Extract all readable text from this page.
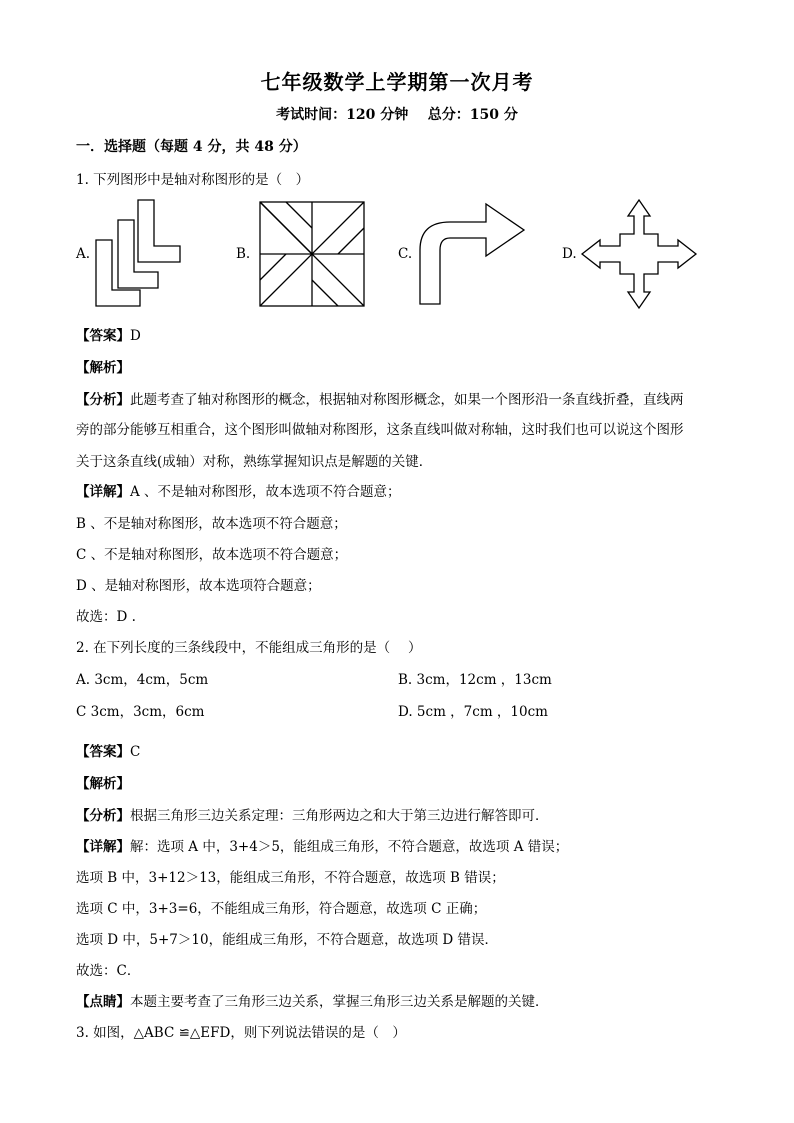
七年级数学上学期第一次月考
考试时间：120 分钟 总分：150 分
一．选择题（每题 4 分，共 48 分）
1. 下列图形中是轴对称图形的是（　）
A.	B.	C.	D.
【答案】D
【解析】
【分析】此题考查了轴对称图形的概念，根据轴对称图形概念，如果一个图形沿一条直线折叠，直线两
旁的部分能够互相重合，这个图形叫做轴对称图形，这条直线叫做对称轴，这时我们也可以说这个图形
关于这条直线(成轴）对称，熟练掌握知识点是解题的关键．
【详解】A 、不是轴对称图形，故本选项不符合题意；
B 、不是轴对称图形，故本选项不符合题意；
C 、不是轴对称图形，故本选项不符合题意；
D 、是轴对称图形，故本选项符合题意；
故选：D .
2. 在下列长度的三条线段中，不能组成三角形的是（　 ）
A. 3cm，4cm，5cm	B. 3cm，12cm ，13cm
C 3cm，3cm，6cm	D. 5cm ，7cm ，10cm
【答案】C
【解析】
【分析】根据三角形三边关系定理：三角形两边之和大于第三边进行解答即可．
【详解】解：选项 A 中，3+4＞5，能组成三角形，不符合题意，故选项 A 错误；
选项 B 中，3+12＞13，能组成三角形，不符合题意，故选项 B 错误；
选项 C 中，3+3=6，不能组成三角形，符合题意，故选项 C 正确；
选项 D 中，5+7＞10，能组成三角形，不符合题意，故选项 D 错误．
故选：C．
【点睛】本题主要考查了三角形三边关系，掌握三角形三边关系是解题的关键．
3. 如图，△ABC ≌△EFD，则下列说法错误的是（　）
